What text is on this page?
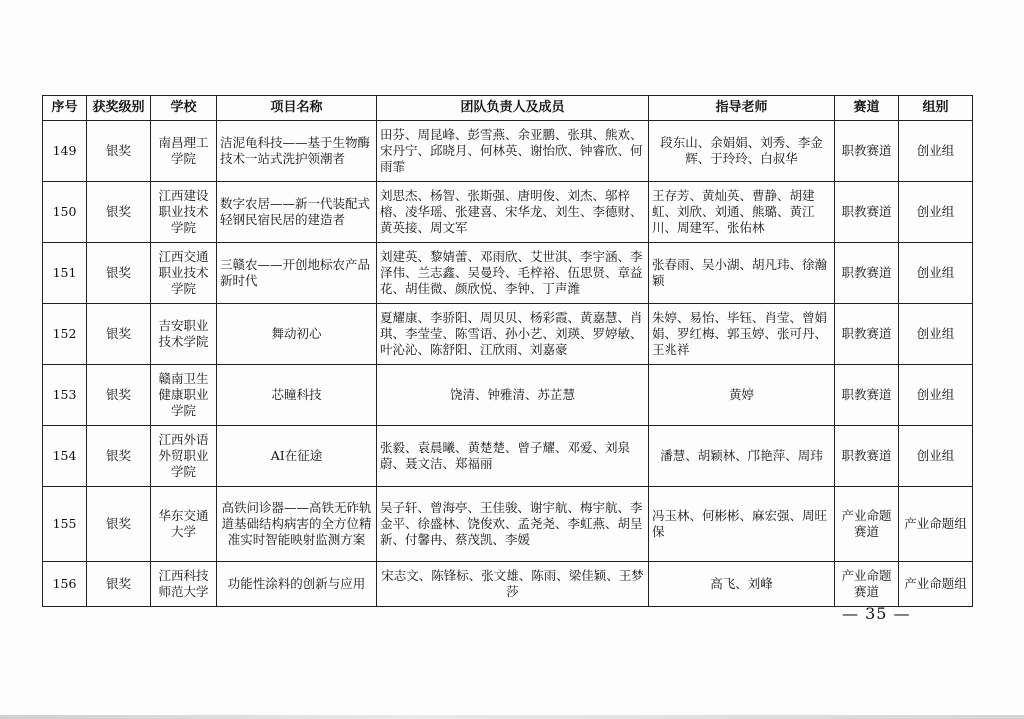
序号	获奖级别	学校	项目名称	团队负责人及成员	指导老师	赛道	组别
149	银奖	南昌理工学院	洁泥龟科技——基于生物酶技术一站式洗护领潮者	田芬、周昆峰、彭雪燕、余亚鹏、张琪、熊欢、宋丹宁、邱晓月、何林英、谢怡欣、钟睿欣、何雨霏	段东山、余娟娟、刘秀、李金辉、于玲玲、白叔华	职教赛道	创业组
150	银奖	江西建设职业技术学院	数字农居——新一代装配式轻钢民宿民居的建造者	刘思杰、杨智、张斯强、唐明俊、刘杰、邬梓榕、凌华瑶、张建喜、宋华龙、刘生、李德财、黄英接、周文军	王存芳、黄灿英、曹静、胡建虹、刘欣、刘通、熊璐、黄江川、周建军、张佑林	职教赛道	创业组
151	银奖	江西交通职业技术学院	三赣农——开创地标农产品新时代	刘建英、黎婧蕾、邓雨欣、艾世淇、李宇涵、李泽伟、兰志鑫、吴曼玲、毛梓裕、伍思贤、章益花、胡佳微、颜欣悦、李钟、丁声潍	张春雨、吴小湖、胡凡玮、徐瀚颖	职教赛道	创业组
152	银奖	吉安职业技术学院	舞动初心	夏耀康、李骄阳、周贝贝、杨彩霞、黄嘉慧、肖琪、李莹莹、陈雪语、孙小艺、刘瑛、罗婷敏、叶沁沁、陈舒阳、江欣雨、刘嘉豪	朱婷、易怡、毕钰、肖莹、曾娟娟、罗红梅、郭玉婷、张可丹、王兆祥	职教赛道	创业组
153	银奖	赣南卫生健康职业学院	芯瞳科技	饶清、钟雅清、苏芷慧	黄婷	职教赛道	创业组
154	银奖	江西外语外贸职业学院	AI在征途	张毅、袁晨曦、黄楚楚、曾子耀、邓爱、刘泉蔚、聂文洁、郑福丽	潘慧、胡颖林、邝艳萍、周玮	职教赛道	创业组
155	银奖	华东交通大学	高铁问诊器——高铁无砟轨道基础结构病害的全方位精准实时智能映射监测方案	吴子轩、曾海亭、王佳骏、谢宇航、梅宇航、李金平、徐盛林、饶俊欢、孟尧尧、李虹燕、胡呈新、付馨冉、蔡茂凯、李媛	冯玉林、何彬彬、麻宏强、周旺保	产业命题赛道	产业命题组
156	银奖	江西科技师范大学	功能性涂料的创新与应用	宋志文、陈锋标、张文雄、陈雨、梁佳颖、王梦莎	高飞、刘峰	产业命题赛道	产业命题组
— 35 —
